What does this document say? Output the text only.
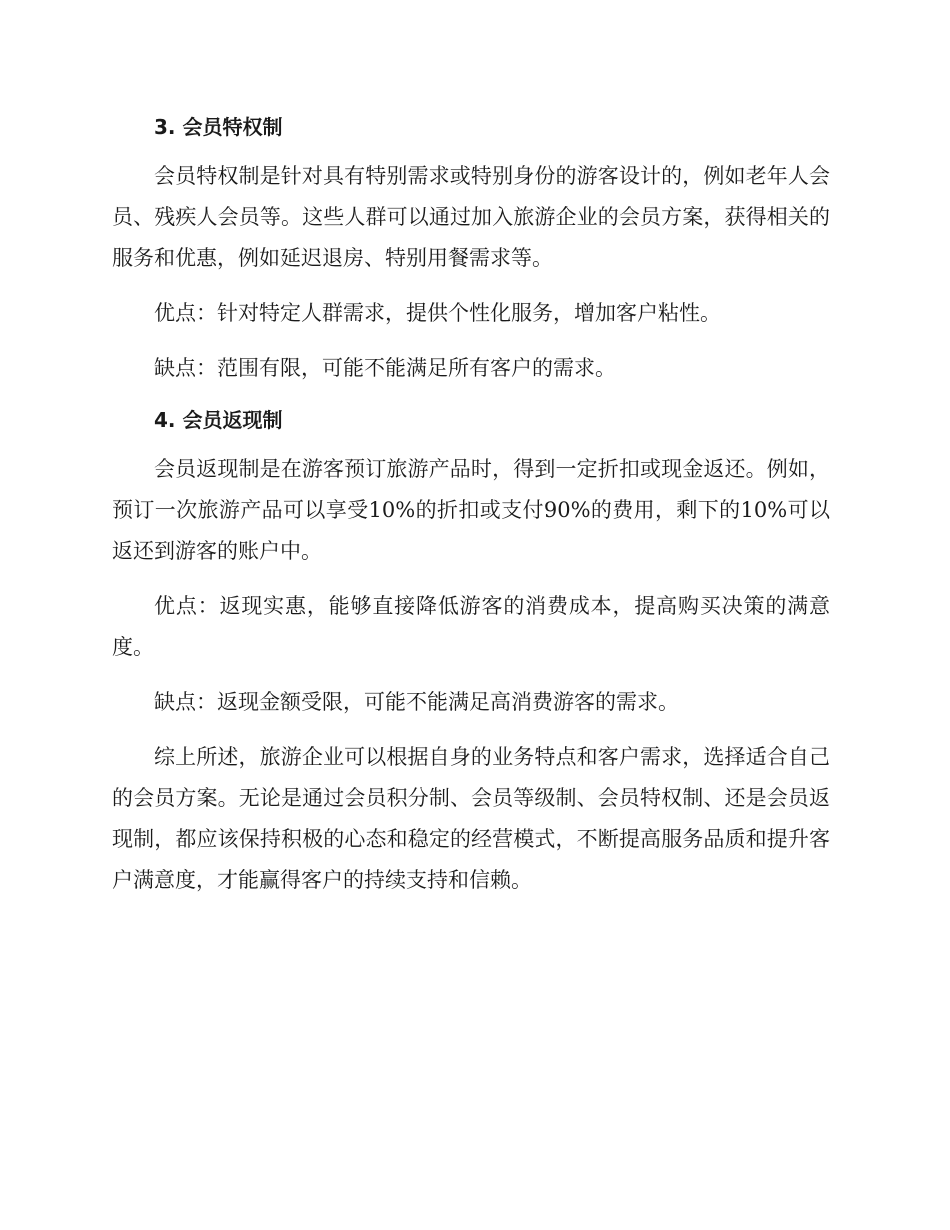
3. 会员特权制

会员特权制是针对具有特别需求或特别身份的游客设计的，例如老年人会员、残疾人会员等。这些人群可以通过加入旅游企业的会员方案，获得相关的服务和优惠，例如延迟退房、特别用餐需求等。

优点：针对特定人群需求，提供个性化服务，增加客户粘性。

缺点：范围有限，可能不能满足所有客户的需求。

4. 会员返现制

会员返现制是在游客预订旅游产品时，得到一定折扣或现金返还。例如，预订一次旅游产品可以享受10%的折扣或支付90%的费用，剩下的10%可以返还到游客的账户中。

优点：返现实惠，能够直接降低游客的消费成本，提高购买决策的满意度。

缺点：返现金额受限，可能不能满足高消费游客的需求。

综上所述，旅游企业可以根据自身的业务特点和客户需求，选择适合自己的会员方案。无论是通过会员积分制、会员等级制、会员特权制、还是会员返现制，都应该保持积极的心态和稳定的经营模式，不断提高服务品质和提升客户满意度，才能赢得客户的持续支持和信赖。
